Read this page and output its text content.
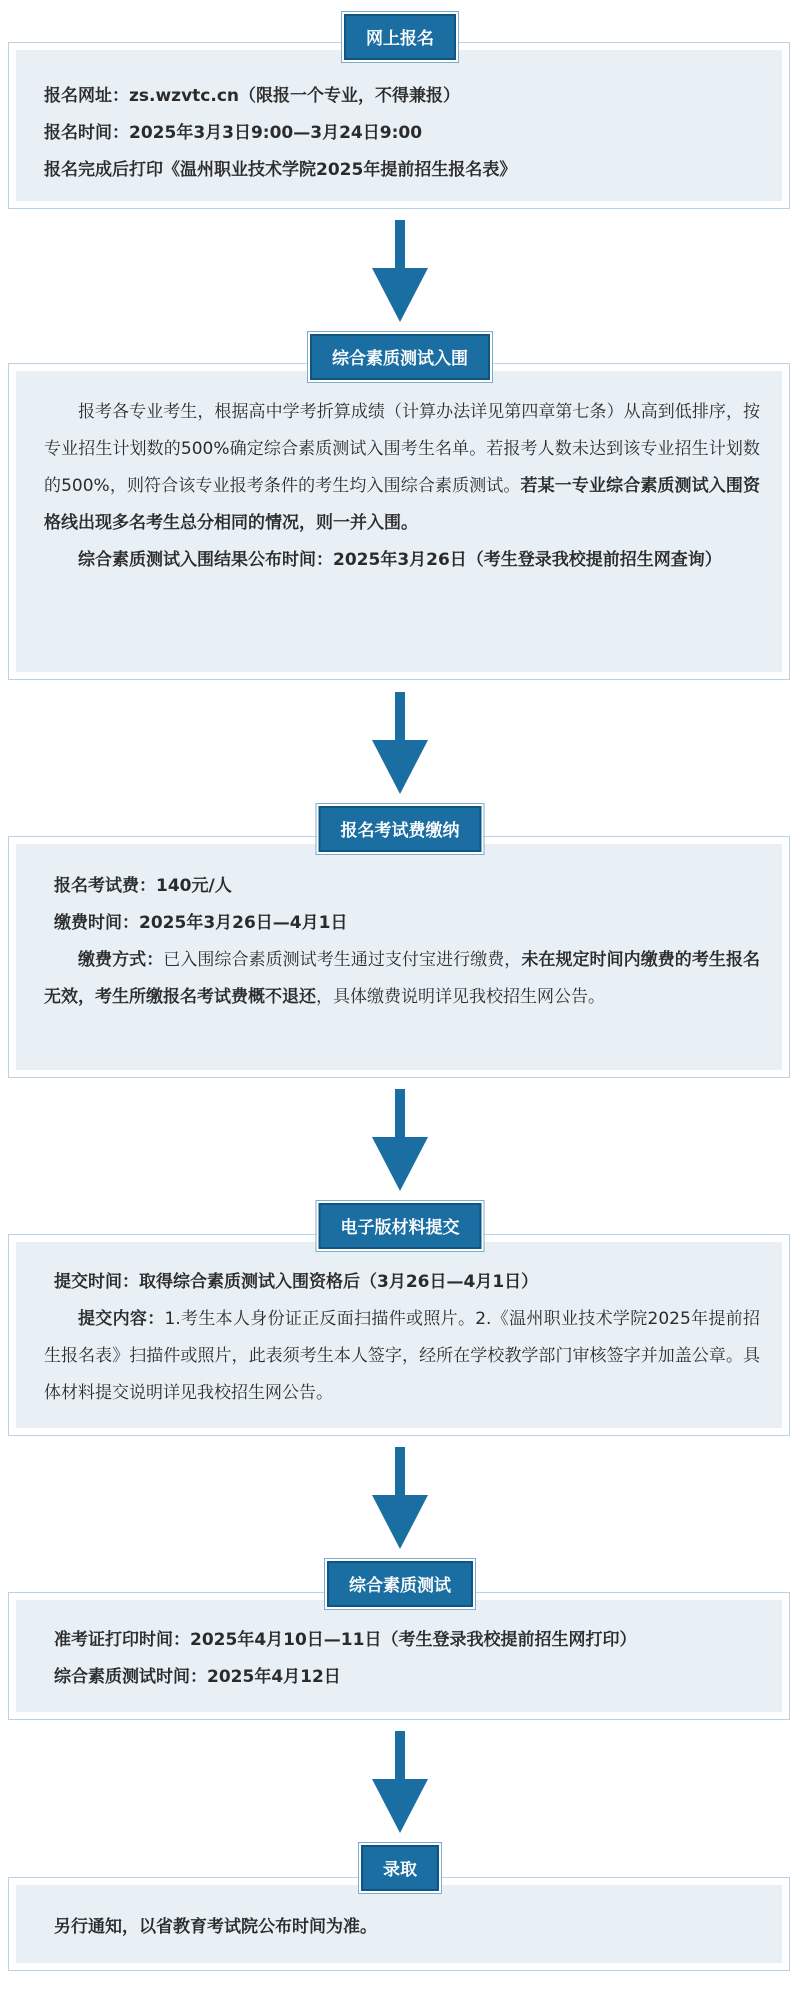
网上报名

报名网址：zs.wzvtc.cn（限报一个专业，不得兼报）

报名时间：2025年3月3日9:00—3月24日9:00

报名完成后打印《温州职业技术学院2025年提前招生报名表》

综合素质测试入围

报考各专业考生，根据高中学考折算成绩（计算办法详见第四章第七条）从高到低排序，按专业招生计划数的500%确定综合素质测试入围考生名单。若报考人数未达到该专业招生计划数的500%，则符合该专业报考条件的考生均入围综合素质测试。若某一专业综合素质测试入围资格线出现多名考生总分相同的情况，则一并入围。

综合素质测试入围结果公布时间：2025年3月26日（考生登录我校提前招生网查询）

报名考试费缴纳

报名考试费：140元/人

缴费时间：2025年3月26日—4月1日

缴费方式：已入围综合素质测试考生通过支付宝进行缴费，未在规定时间内缴费的考生报名无效，考生所缴报名考试费概不退还，具体缴费说明详见我校招生网公告。

电子版材料提交

提交时间：取得综合素质测试入围资格后（3月26日—4月1日）

提交内容：1.考生本人身份证正反面扫描件或照片。2.《温州职业技术学院2025年提前招生报名表》扫描件或照片，此表须考生本人签字，经所在学校教学部门审核签字并加盖公章。具体材料提交说明详见我校招生网公告。

综合素质测试

准考证打印时间：2025年4月10日—11日（考生登录我校提前招生网打印）

综合素质测试时间：2025年4月12日

录取

另行通知，以省教育考试院公布时间为准。
